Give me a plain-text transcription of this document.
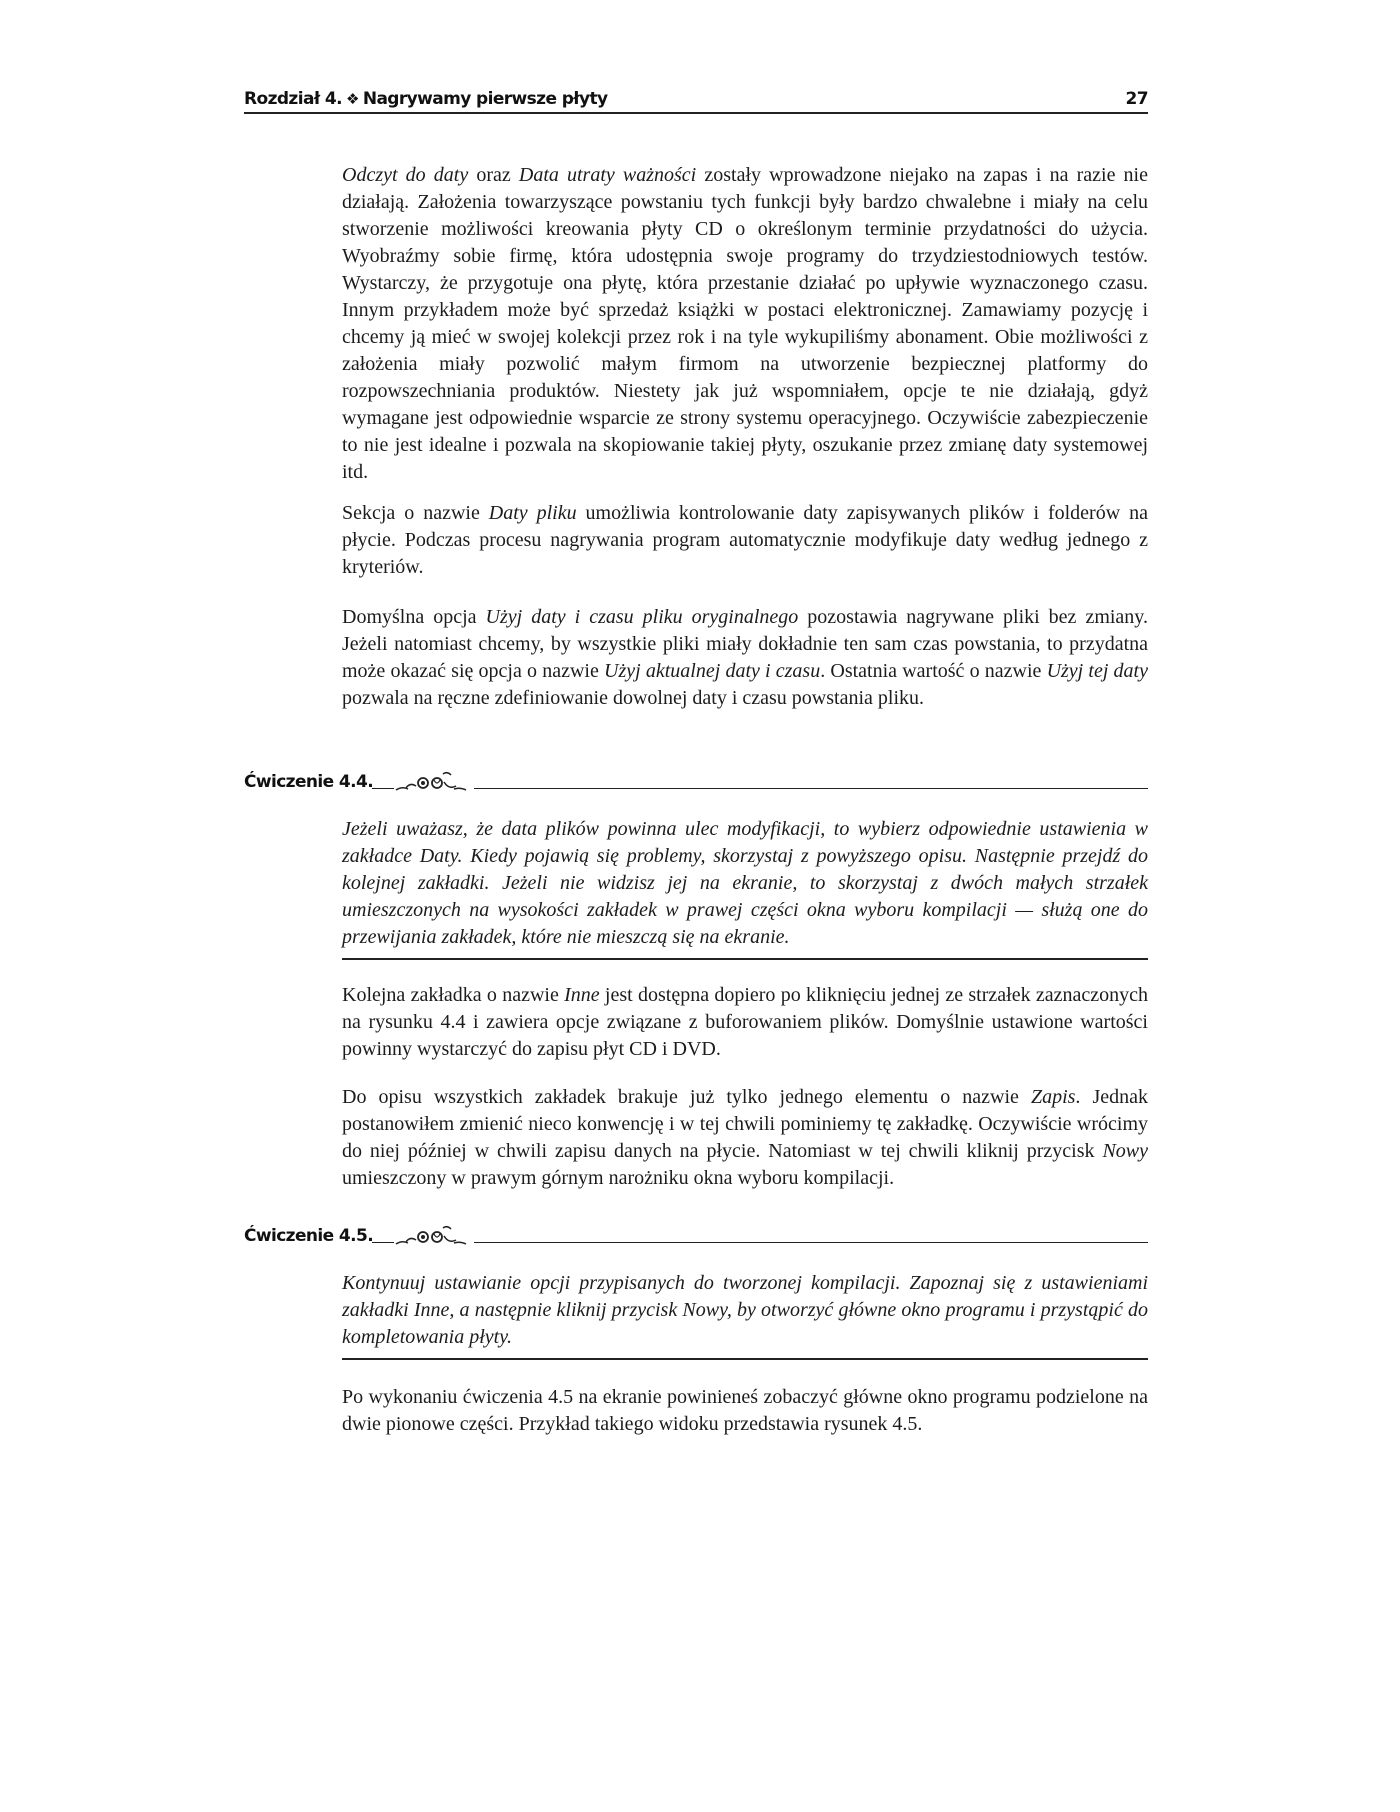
Rozdział 4. ❖ Nagrywamy pierwsze płyty	27

Odczyt do daty oraz Data utraty ważności zostały wprowadzone niejako na zapas i na razie nie działają. Założenia towarzyszące powstaniu tych funkcji były bardzo chwalebne i miały na celu stworzenie możliwości kreowania płyty CD o określonym terminie przydatności do użycia. Wyobraźmy sobie firmę, która udostępnia swoje programy do trzydziestodniowych testów. Wystarczy, że przygotuje ona płytę, która przestanie działać po upływie wyznaczonego czasu. Innym przykładem może być sprzedaż książki w postaci elektronicznej. Zamawiamy pozycję i chcemy ją mieć w swojej kolekcji przez rok i na tyle wykupiliśmy abonament. Obie możliwości z założenia miały pozwolić małym firmom na utworzenie bezpiecznej platformy do rozpowszechniania produktów. Niestety jak już wspomniałem, opcje te nie działają, gdyż wymagane jest odpowiednie wsparcie ze strony systemu operacyjnego. Oczywiście zabezpieczenie to nie jest idealne i pozwala na skopiowanie takiej płyty, oszukanie przez zmianę daty systemowej itd.

Sekcja o nazwie Daty pliku umożliwia kontrolowanie daty zapisywanych plików i folderów na płycie. Podczas procesu nagrywania program automatycznie modyfikuje daty według jednego z kryteriów.

Domyślna opcja Użyj daty i czasu pliku oryginalnego pozostawia nagrywane pliki bez zmiany. Jeżeli natomiast chcemy, by wszystkie pliki miały dokładnie ten sam czas powstania, to przydatna może okazać się opcja o nazwie Użyj aktualnej daty i czasu. Ostatnia wartość o nazwie Użyj tej daty pozwala na ręczne zdefiniowanie dowolnej daty i czasu powstania pliku.

Ćwiczenie 4.4.

Jeżeli uważasz, że data plików powinna ulec modyfikacji, to wybierz odpowiednie ustawienia w zakładce Daty. Kiedy pojawią się problemy, skorzystaj z powyższego opisu. Następnie przejdź do kolejnej zakładki. Jeżeli nie widzisz jej na ekranie, to skorzystaj z dwóch małych strzałek umieszczonych na wysokości zakładek w prawej części okna wyboru kompilacji — służą one do przewijania zakładek, które nie mieszczą się na ekranie.

Kolejna zakładka o nazwie Inne jest dostępna dopiero po kliknięciu jednej ze strzałek zaznaczonych na rysunku 4.4 i zawiera opcje związane z buforowaniem plików. Domyślnie ustawione wartości powinny wystarczyć do zapisu płyt CD i DVD.

Do opisu wszystkich zakładek brakuje już tylko jednego elementu o nazwie Zapis. Jednak postanowiłem zmienić nieco konwencję i w tej chwili pominiemy tę zakładkę. Oczywiście wrócimy do niej później w chwili zapisu danych na płycie. Natomiast w tej chwili kliknij przycisk Nowy umieszczony w prawym górnym narożniku okna wyboru kompilacji.

Ćwiczenie 4.5.

Kontynuuj ustawianie opcji przypisanych do tworzonej kompilacji. Zapoznaj się z ustawieniami zakładki Inne, a następnie kliknij przycisk Nowy, by otworzyć główne okno programu i przystąpić do kompletowania płyty.

Po wykonaniu ćwiczenia 4.5 na ekranie powinieneś zobaczyć główne okno programu podzielone na dwie pionowe części. Przykład takiego widoku przedstawia rysunek 4.5.
